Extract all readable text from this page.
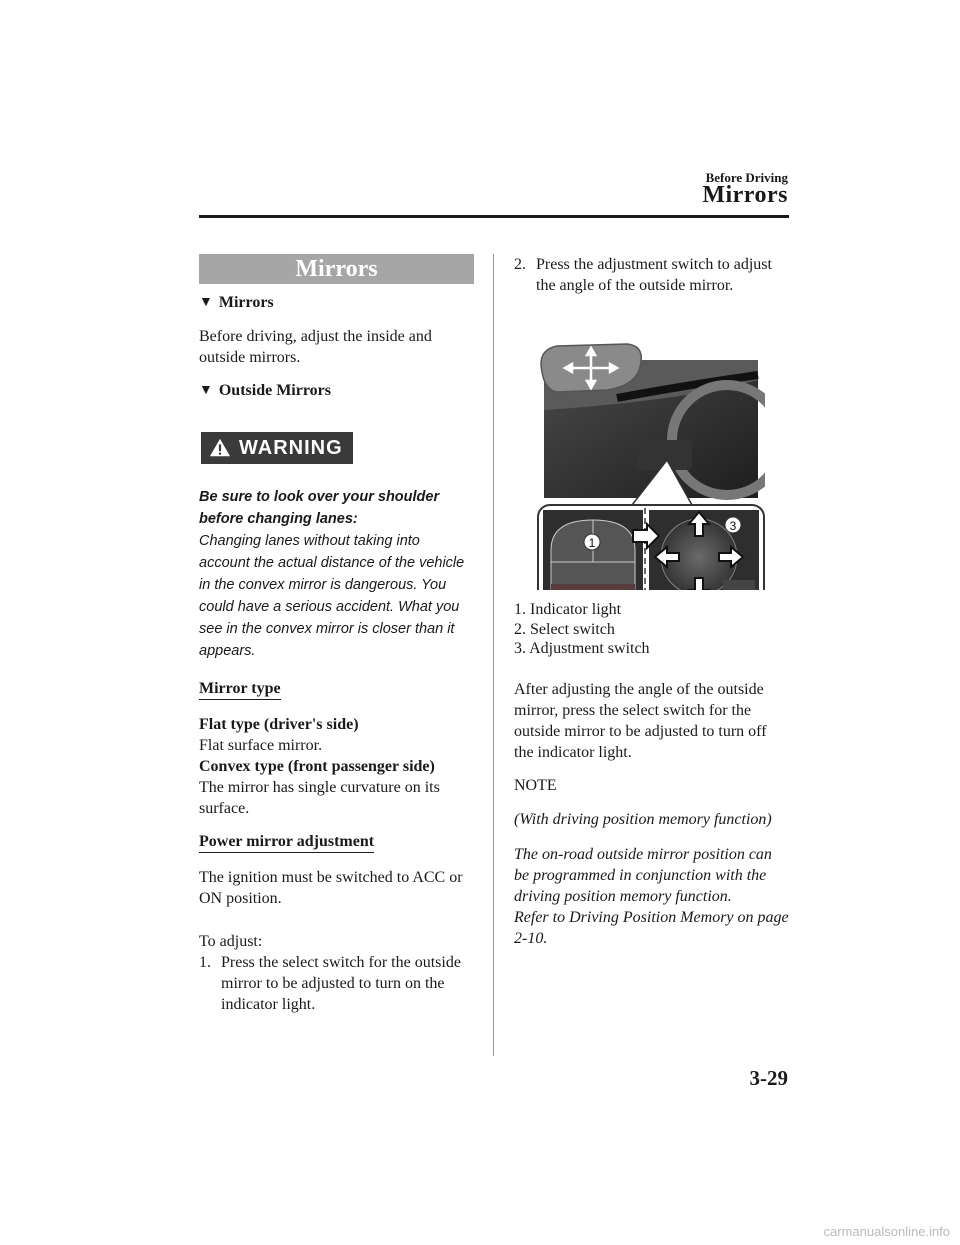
Before Driving
Mirrors
Mirrors
▼ Mirrors

Before driving, adjust the inside and outside mirrors.

▼ Outside Mirrors
WARNING
Be sure to look over your shoulder before changing lanes:
Changing lanes without taking into account the actual distance of the vehicle in the convex mirror is dangerous. You could have a serious accident. What you see in the convex mirror is closer than it appears.
Mirror type

Flat type (driver's side)
Flat surface mirror.
Convex type (front passenger side)
The mirror has single curvature on its surface.

Power mirror adjustment

The ignition must be switched to ACC or ON position.

To adjust:
1. Press the select switch for the outside mirror to be adjusted to turn on the indicator light.
2. Press the adjustment switch to adjust the angle of the outside mirror.
1
3
1. Indicator light
2. Select switch
3. Adjustment switch

After adjusting the angle of the outside mirror, press the select switch for the outside mirror to be adjusted to turn off the indicator light.

NOTE

(With driving position memory function)

The on-road outside mirror position can be programmed in conjunction with the driving position memory function.
Refer to Driving Position Memory on page 2-10.

3-29
carmanualsonline.info
